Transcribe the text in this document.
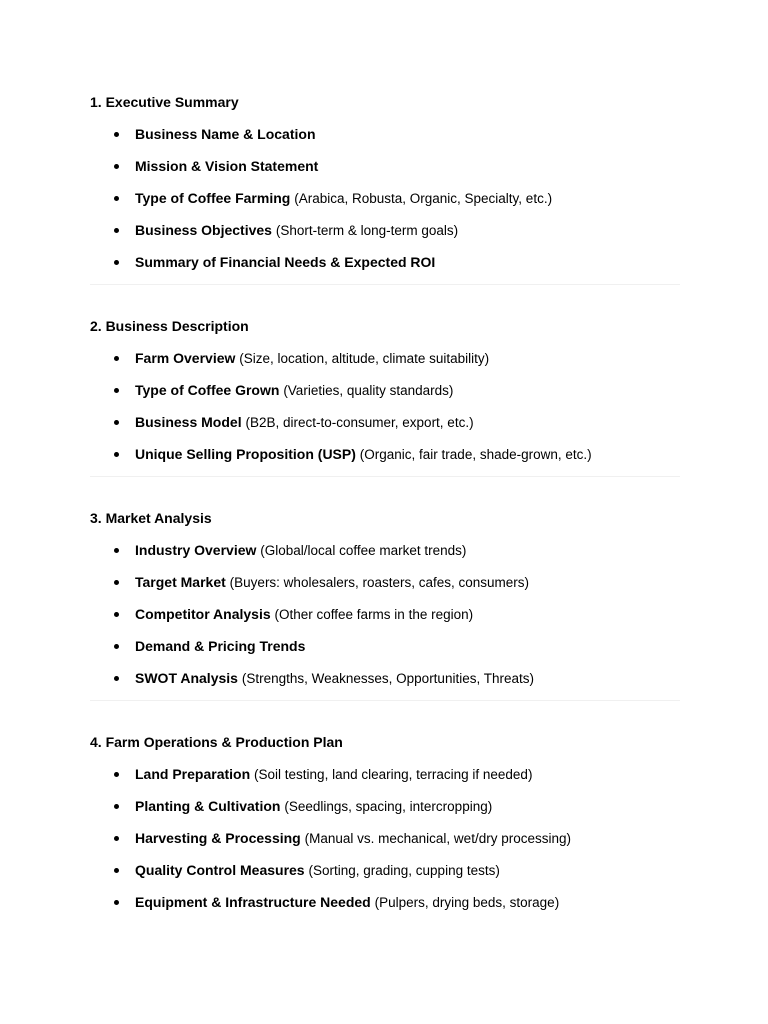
1. Executive Summary
Business Name & Location
Mission & Vision Statement
Type of Coffee Farming (Arabica, Robusta, Organic, Specialty, etc.)
Business Objectives (Short-term & long-term goals)
Summary of Financial Needs & Expected ROI
2. Business Description
Farm Overview (Size, location, altitude, climate suitability)
Type of Coffee Grown (Varieties, quality standards)
Business Model (B2B, direct-to-consumer, export, etc.)
Unique Selling Proposition (USP) (Organic, fair trade, shade-grown, etc.)
3. Market Analysis
Industry Overview (Global/local coffee market trends)
Target Market (Buyers: wholesalers, roasters, cafes, consumers)
Competitor Analysis (Other coffee farms in the region)
Demand & Pricing Trends
SWOT Analysis (Strengths, Weaknesses, Opportunities, Threats)
4. Farm Operations & Production Plan
Land Preparation (Soil testing, land clearing, terracing if needed)
Planting & Cultivation (Seedlings, spacing, intercropping)
Harvesting & Processing (Manual vs. mechanical, wet/dry processing)
Quality Control Measures (Sorting, grading, cupping tests)
Equipment & Infrastructure Needed (Pulpers, drying beds, storage)
